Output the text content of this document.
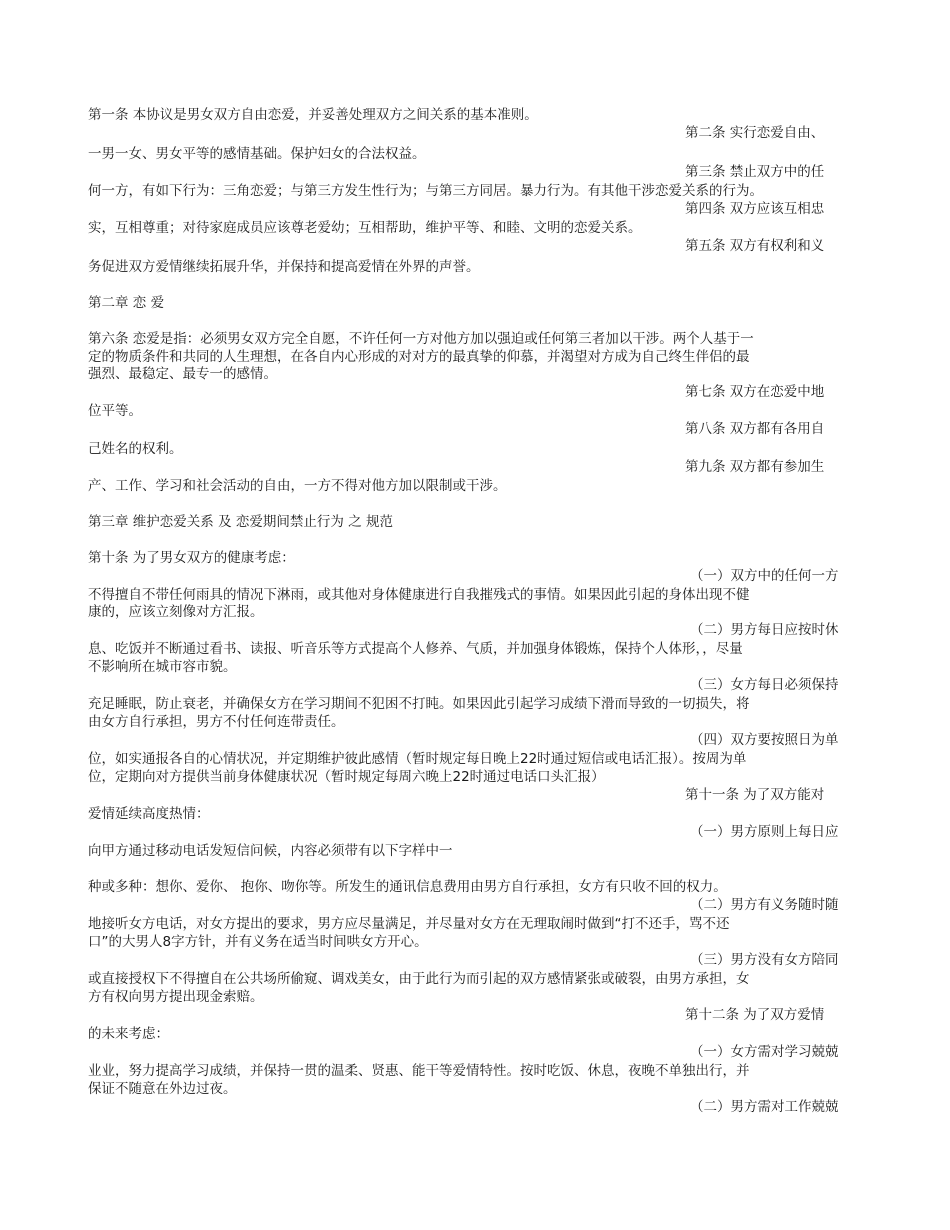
第一条 本协议是男女双方自由恋爱，并妥善处理双方之间关系的基本准则。

第二条 实行恋爱自由、

一男一女、男女平等的感情基础。保护妇女的合法权益。

第三条 禁止双方中的任

何一方，有如下行为：三角恋爱；与第三方发生性行为；与第三方同居。暴力行为。有其他干涉恋爱关系的行为。

第四条 双方应该互相忠

实，互相尊重；对待家庭成员应该尊老爱幼；互相帮助，维护平等、和睦、文明的恋爱关系。

第五条 双方有权利和义

务促进双方爱情继续拓展升华，并保持和提高爱情在外界的声誉。

第二章 恋 爱

第六条 恋爱是指：必须男女双方完全自愿，不许任何一方对他方加以强迫或任何第三者加以干涉。两个人基于一

定的物质条件和共同的人生理想，在各自内心形成的对对方的最真挚的仰慕，并渴望对方成为自己终生伴侣的最

强烈、最稳定、最专一的感情。

第七条 双方在恋爱中地

位平等。

第八条 双方都有各用自

己姓名的权利。

第九条 双方都有参加生

产、工作、学习和社会活动的自由，一方不得对他方加以限制或干涉。

第三章 维护恋爱关系 及 恋爱期间禁止行为 之 规范

第十条 为了男女双方的健康考虑：

（一）双方中的任何一方

不得擅自不带任何雨具的情况下淋雨，或其他对身体健康进行自我摧残式的事情。如果因此引起的身体出现不健

康的，应该立刻像对方汇报。

（二）男方每日应按时休

息、吃饭并不断通过看书、读报、听音乐等方式提高个人修养、气质，并加强身体锻炼，保持个人体形，，尽量

不影响所在城市容市貌。

（三）女方每日必须保持

充足睡眠，防止衰老，并确保女方在学习期间不犯困不打盹。如果因此引起学习成绩下滑而导致的一切损失，将

由女方自行承担，男方不付任何连带责任。

（四）双方要按照日为单

位，如实通报各自的心情状况，并定期维护彼此感情（暂时规定每日晚上22时通过短信或电话汇报）。按周为单

位，定期向对方提供当前身体健康状况（暂时规定每周六晚上22时通过电话口头汇报）

第十一条 为了双方能对

爱情延续高度热情：

（一）男方原则上每日应

向甲方通过移动电话发短信问候，内容必须带有以下字样中一

种或多种：想你、爱你、 抱你、吻你等。所发生的通讯信息费用由男方自行承担，女方有只收不回的权力。

（二）男方有义务随时随

地接听女方电话，对女方提出的要求，男方应尽量满足，并尽量对女方在无理取闹时做到“打不还手，骂不还

口”的大男人8字方针，并有义务在适当时间哄女方开心。

（三）男方没有女方陪同

或直接授权下不得擅自在公共场所偷窥、调戏美女，由于此行为而引起的双方感情紧张或破裂，由男方承担，女

方有权向男方提出现金索赔。

第十二条 为了双方爱情

的未来考虑：

（一）女方需对学习兢兢

业业，努力提高学习成绩，并保持一贯的温柔、贤惠、能干等爱情特性。按时吃饭、休息，夜晚不单独出行，并

保证不随意在外边过夜。

（二）男方需对工作兢兢
